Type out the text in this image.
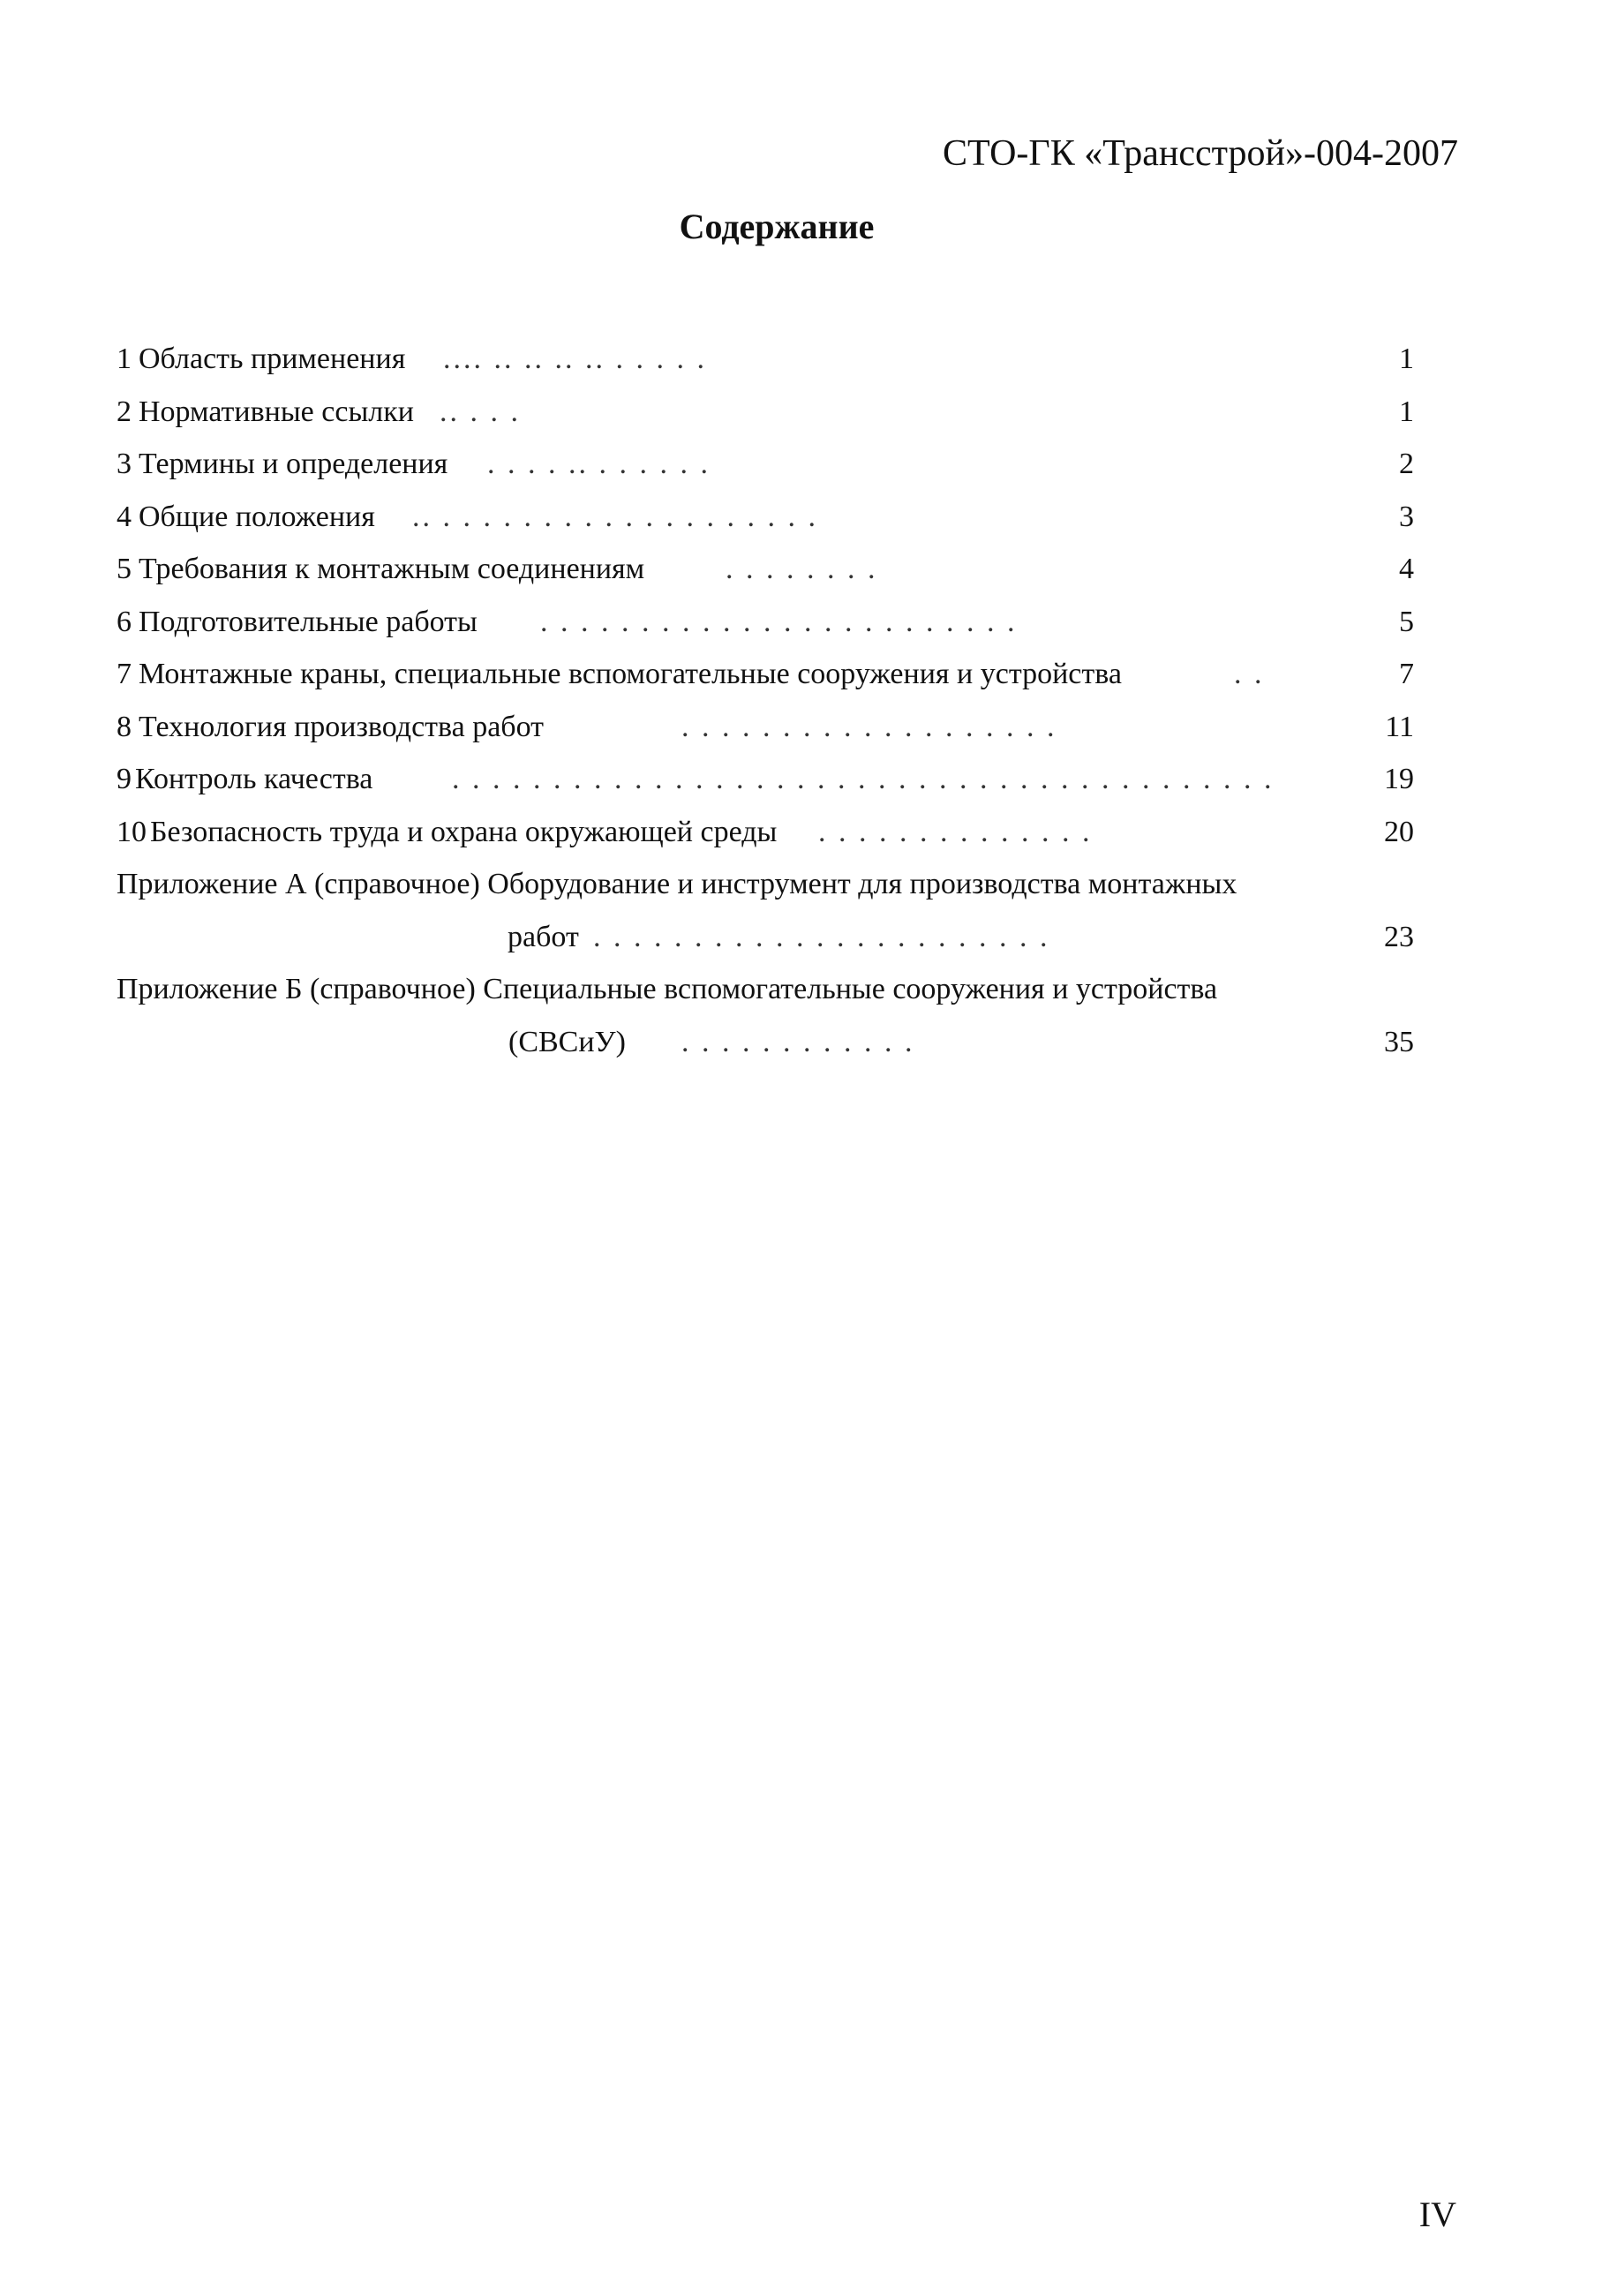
СТО-ГК «Трансстрой»-004-2007
Содержание
1 Область применения .... .. .. .. .. . . . . .	1
2 Нормативные ссылки .. . . .	1
3 Термины и определения . . . . .. . . . . . .	2
4 Общие положения .. . . . . . . . . . . . . . . . . . . .	3
5 Требования к монтажным соединениям	. . . . . . . .	4
6 Подготовительные работы . . . . . . . . . . . . . . . . . . . . . . . .	5
7 Монтажные краны, специальные вспомогательные сооружения и устройства	. .	7
8 Технология производства работ	. . . . . . . . . . . . . . . . . . .	11
9 Контроль качества	. . . . . . . . . . . . . . . . . . . . . . . . . . . . . . . . . . . . . . . . .	19
10 Безопасность труда и охрана окружающей среды . . . . . . . . . . . . . .	20
Приложение А (справочное) Оборудование и инструмент для производства монтажных
работ . . . . . . . . . . . . . . . . . . . . . . .	23
Приложение Б (справочное) Специальные вспомогательные сооружения и устройства
(СВСиУ) . . . . . . . . . . . .	35
IV
